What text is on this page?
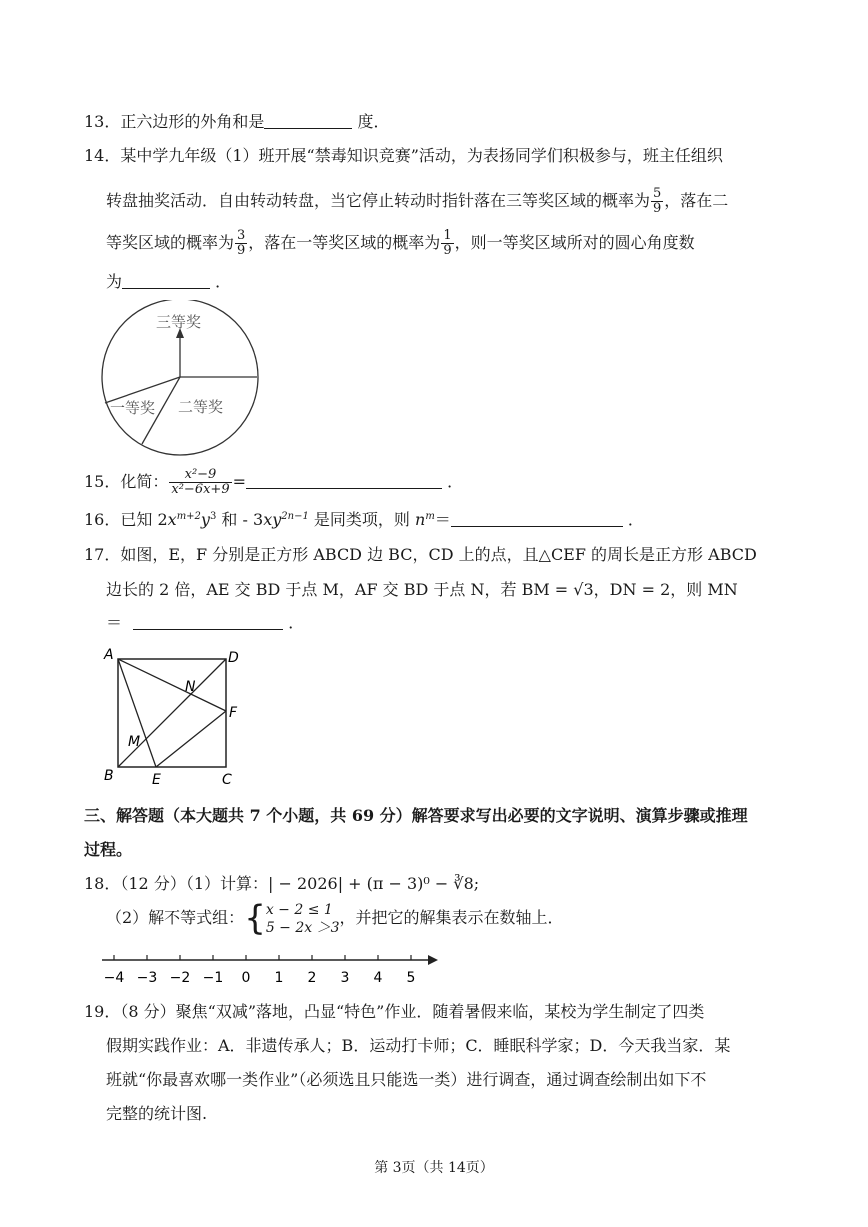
13．正六边形的外角和是	度．
14．某中学九年级（1）班开展“禁毒知识竞赛”活动，为表扬同学们积极参与，班主任组织
转盘抽奖活动．自由转动转盘，当它停止转动时指针落在三等奖区域的概率为 $\frac{5}{9}$ ，落在二
等奖区域的概率为 $\frac{3}{9}$ ，落在一等奖区域的概率为 $\frac{1}{9}$ ，则一等奖区域所对的圆心角度数
为	．
三等奖
二等奖
一等奖
15．化简： $\frac{\text{x²−9}}{\text{x²−6x+9}}$ =	．
16．已知 $2x^{m+2}y^3$ 和 - $3xy^{2n-1}$ 是同类项，则 $n^m=$	．
17．如图，E，F 分别是正方形 ABCD 边 BC，CD 上的点，且△CEF 的周长是正方形 ABCD
边长的 2 倍，AE 交 BD 于点 M，AF 交 BD 于点 N，若 BM = √3，DN = 2，则 MN
＝	．
A	D
B	C
E
F
M
N
三、解答题（本大题共 7 个小题，共 69 分）解答要求写出必要的文字说明、演算步骤或推理
过程。
18．（12 分）（1）计算：| − 2026| + (π − 3)⁰ − ∛8;
（2）解不等式组：{ x − 2 ≤ 1
5 − 2x ＞3
，并把它的解集表示在数轴上．
−4 −3 −2 −1 0 1 2 3 4 5
19．（8 分）聚焦“双减”落地，凸显“特色”作业．随着暑假来临，某校为学生制定了四类
假期实践作业：A．非遗传承人；B．运动打卡师；C．睡眠科学家；D．今天我当家．某
班就“你最喜欢哪一类作业”（必须选且只能选一类）进行调查，通过调查绘制出如下不
完整的统计图.
第 3页（共 14页）
